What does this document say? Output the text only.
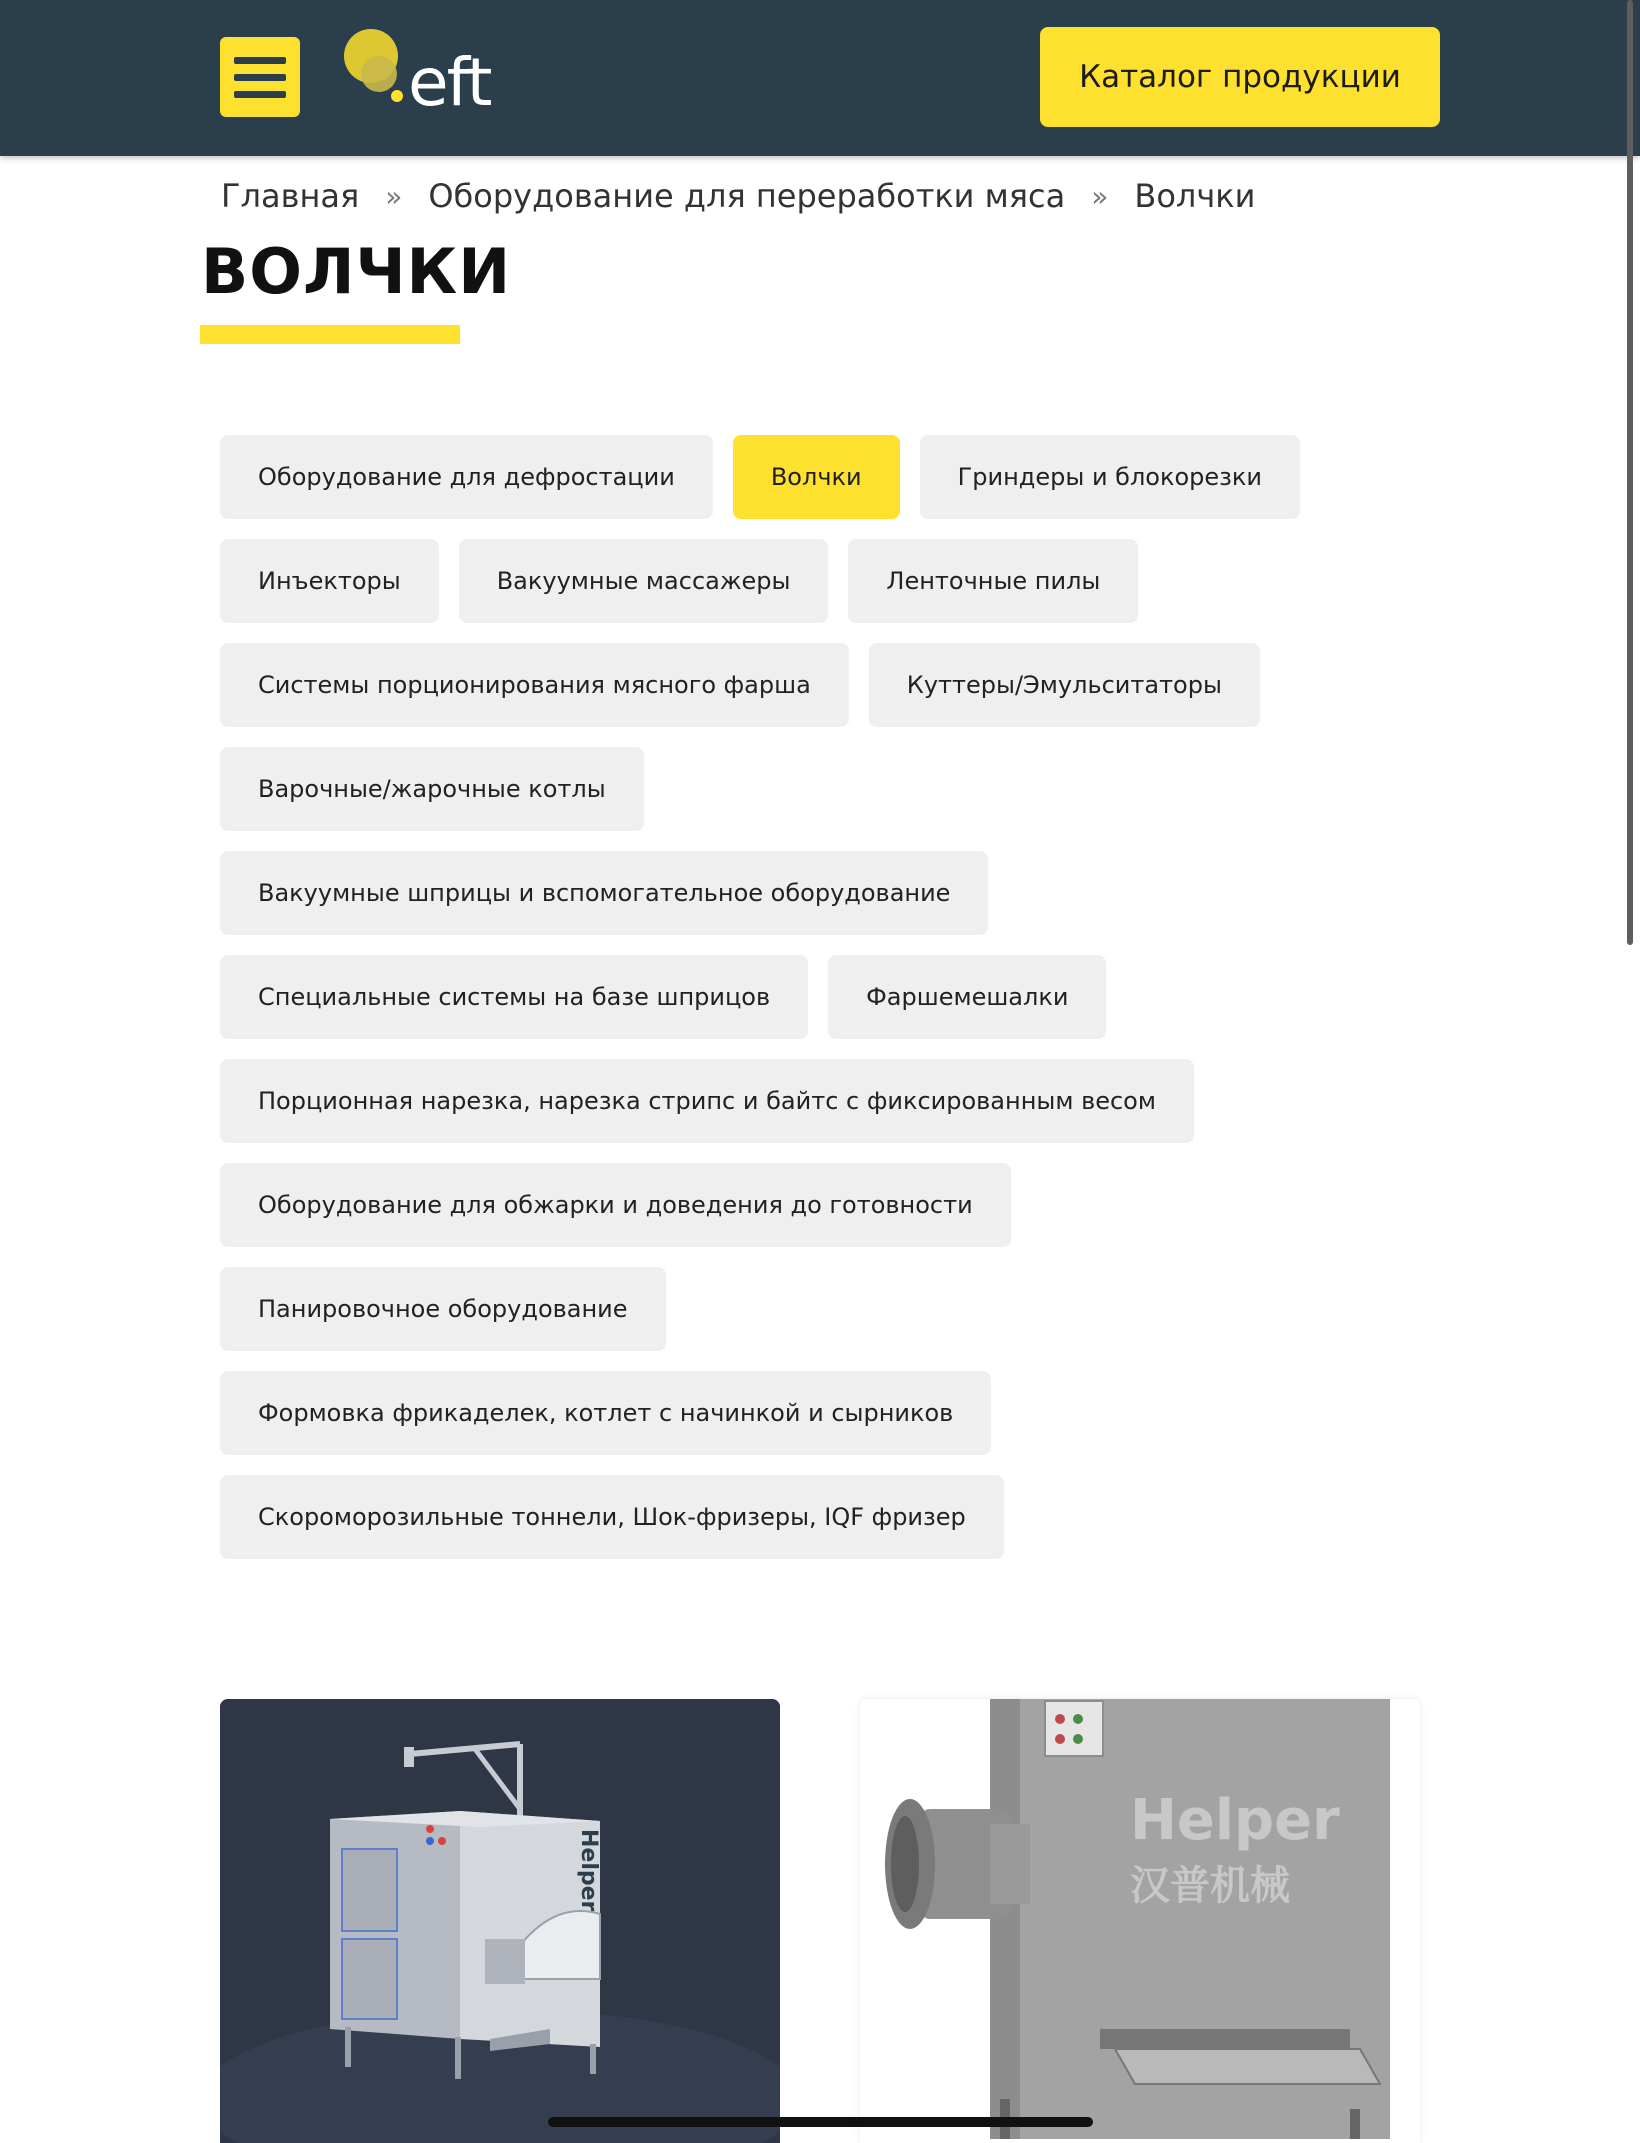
eft	Каталог продукции
Главная » Оборудование для переработки мяса » Волчки
ВОЛЧКИ
Оборудование для дефростации	Волчки	Гриндеры и блокорезки
Инъекторы	Вакуумные массажеры	Ленточные пилы
Системы порционирования мясного фарша	Куттеры/Эмульситаторы
Варочные/жарочные котлы
Вакуумные шприцы и вспомогательное оборудование
Специальные системы на базе шприцов	Фаршемешалки
Порционная нарезка, нарезка стрипс и байтс с фиксированным весом
Оборудование для обжарки и доведения до готовности
Панировочное оборудование
Формовка фрикаделек, котлет с начинкой и сырников
Скороморозильные тоннели, Шок-фризеры, IQF фризер
Helper
Helper
汉普机械
